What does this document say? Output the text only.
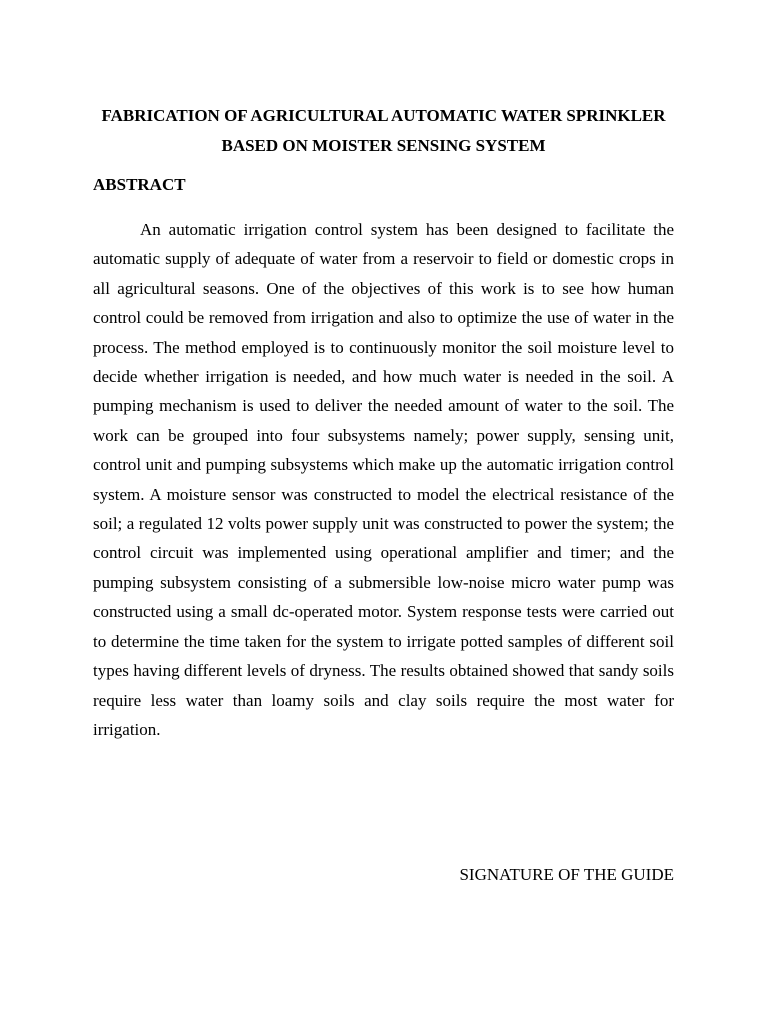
FABRICATION OF AGRICULTURAL AUTOMATIC WATER SPRINKLER BASED ON MOISTER SENSING SYSTEM
ABSTRACT

An automatic irrigation control system has been designed to facilitate the automatic supply of adequate of water from a reservoir to field or domestic crops in all agricultural seasons. One of the objectives of this work is to see how human control could be removed from irrigation and also to optimize the use of water in the process. The method employed is to continuously monitor the soil moisture level to decide whether irrigation is needed, and how much water is needed in the soil. A pumping mechanism is used to deliver the needed amount of water to the soil. The work can be grouped into four subsystems namely; power supply, sensing unit, control unit and pumping subsystems which make up the automatic irrigation control system. A moisture sensor was constructed to model the electrical resistance of the soil; a regulated 12 volts power supply unit was constructed to power the system; the control circuit was implemented using operational amplifier and timer; and the pumping subsystem consisting of a submersible low-noise micro water pump was constructed using a small dc-operated motor. System response tests were carried out to determine the time taken for the system to irrigate potted samples of different soil types having different levels of dryness. The results obtained showed that sandy soils require less water than loamy soils and clay soils require the most water for irrigation.

SIGNATURE OF THE GUIDE
